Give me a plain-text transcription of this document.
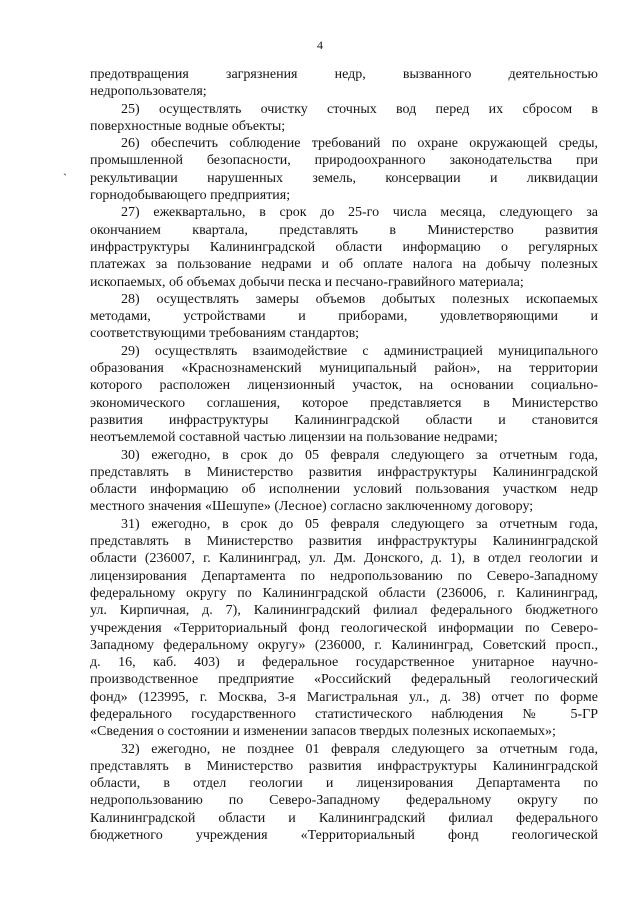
4
`
предотвращения загрязнения недр, вызванного деятельностью
недропользователя;
25) осуществлять очистку сточных вод перед их сбросом в
поверхностные водные объекты;
26) обеспечить соблюдение требований по охране окружающей среды,
промышленной безопасности, природоохранного законодательства при
рекультивации нарушенных земель, консервации и ликвидации
горнодобывающего предприятия;
27) ежеквартально, в срок до 25-го числа месяца, следующего за
окончанием квартала, представлять в Министерство развития
инфраструктуры Калининградской области информацию о регулярных
платежах за пользование недрами и об оплате налога на добычу полезных
ископаемых, об объемах добычи песка и песчано-гравийного материала;
28) осуществлять замеры объемов добытых полезных ископаемых
методами, устройствами и приборами, удовлетворяющими и
соответствующими требованиям стандартов;
29) осуществлять взаимодействие с администрацией муниципального
образования «Краснознаменский муниципальный район», на территории
которого расположен лицензионный участок, на основании социально-
экономического соглашения, которое представляется в Министерство
развития инфраструктуры Калининградской области и становится
неотъемлемой составной частью лицензии на пользование недрами;
30) ежегодно, в срок до 05 февраля следующего за отчетным года,
представлять в Министерство развития инфраструктуры Калининградской
области информацию об исполнении условий пользования участком недр
местного значения «Шешупе» (Лесное) согласно заключенному договору;
31) ежегодно, в срок до 05 февраля следующего за отчетным года,
представлять в Министерство развития инфраструктуры Калининградской
области (236007, г. Калининград, ул. Дм. Донского, д. 1), в отдел геологии и
лицензирования Департамента по недропользованию по Северо-Западному
федеральному округу по Калининградской области (236006, г. Калининград,
ул. Кирпичная, д. 7), Калининградский филиал федерального бюджетного
учреждения «Территориальный фонд геологической информации по Северо-
Западному федеральному округу» (236000, г. Калининград, Советский просп.,
д. 16, каб. 403) и федеральное государственное унитарное научно-
производственное предприятие «Российский федеральный геологический
фонд» (123995, г. Москва, 3-я Магистральная ул., д. 38) отчет по форме
федерального государственного статистического наблюдения № 5-ГР
«Сведения о состоянии и изменении запасов твердых полезных ископаемых»;
32) ежегодно, не позднее 01 февраля следующего за отчетным года,
представлять в Министерство развития инфраструктуры Калининградской
области, в отдел геологии и лицензирования Департамента по
недропользованию по Северо-Западному федеральному округу по
Калининградской области и Калининградский филиал федерального
бюджетного учреждения «Территориальный фонд геологической
